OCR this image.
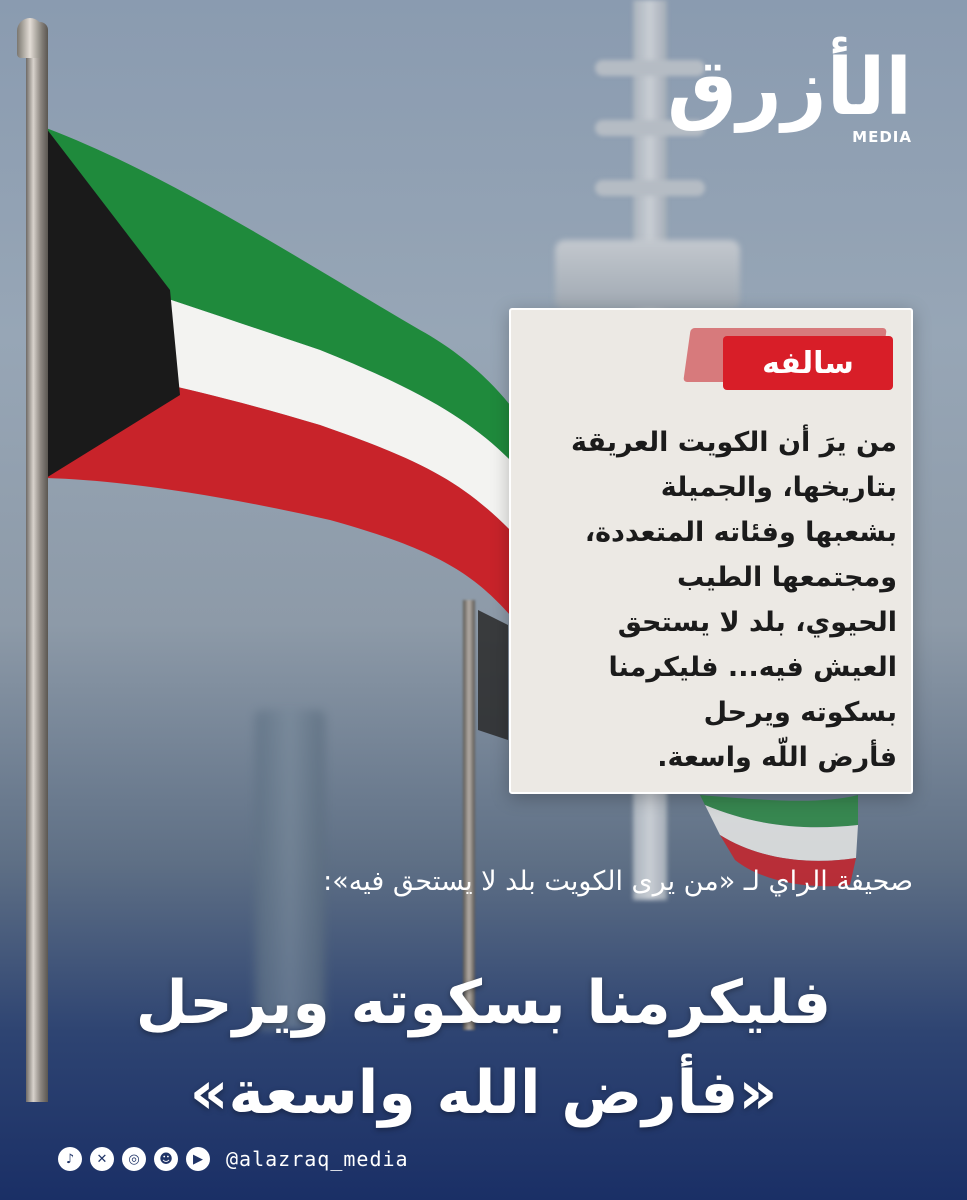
الأزرق
MEDIA
سالفه
من يرَ أن الكويت العريقة
بتاريخها، والجميلة
بشعبها وفئاته المتعددة،
ومجتمعها الطيب
الحيوي، بلد لا يستحق
العيش فيه... فليكرمنا
بسكوته ويرحل
فأرض اللّه واسعة.
صحيفة الراي لـ «من يرى الكويت بلد لا يستحق فيه»:
فليكرمنا بسكوته ويرحل
«فأرض الله واسعة»
♪	✕	◎	☻	▶	@alazraq_media
